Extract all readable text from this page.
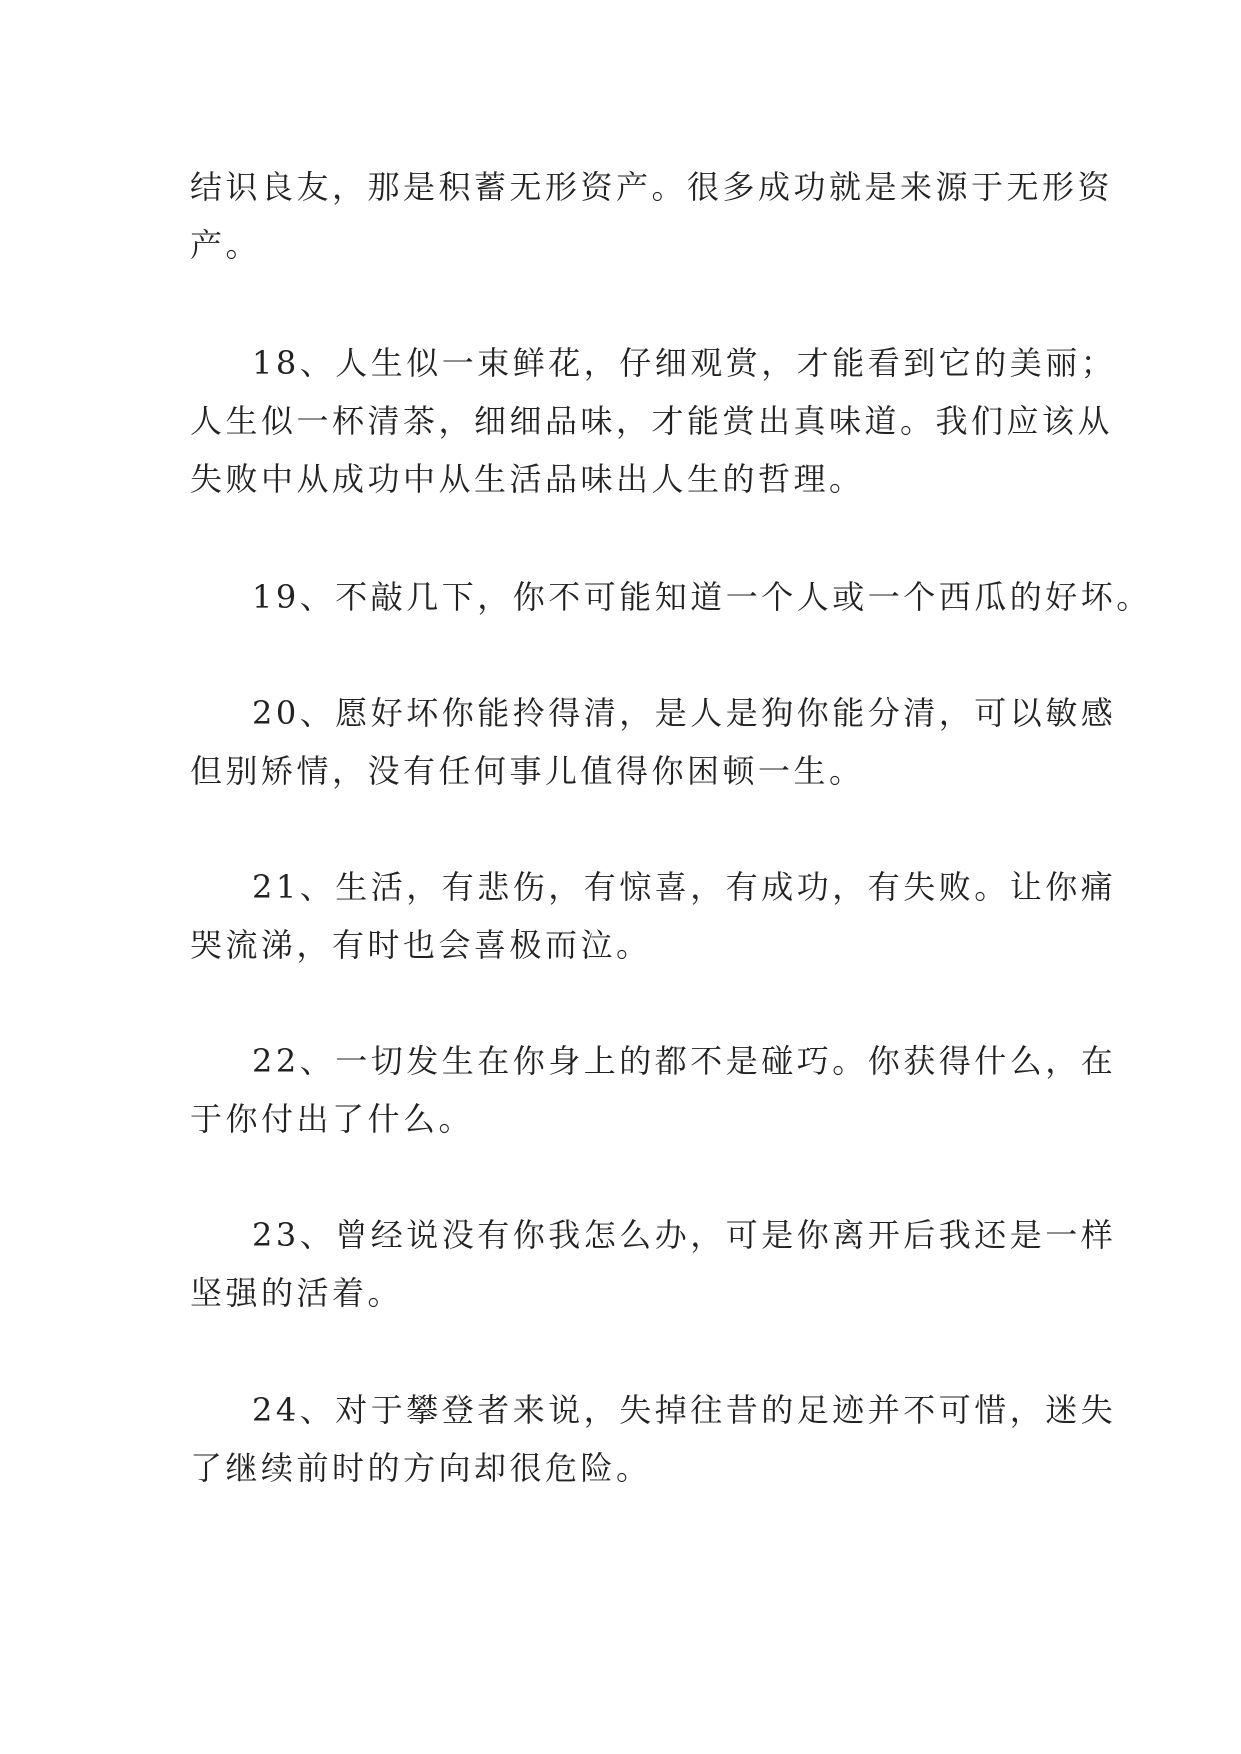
结识良友，那是积蓄无形资产。很多成功就是来源于无形资
产。
18、人生似一束鲜花，仔细观赏，才能看到它的美丽；
人生似一杯清茶，细细品味，才能赏出真味道。我们应该从
失败中从成功中从生活品味出人生的哲理。
19、不敲几下，你不可能知道一个人或一个西瓜的好坏。
20、愿好坏你能拎得清，是人是狗你能分清，可以敏感
但别矫情，没有任何事儿值得你困顿一生。
21、生活，有悲伤，有惊喜，有成功，有失败。让你痛
哭流涕，有时也会喜极而泣。
22、一切发生在你身上的都不是碰巧。你获得什么，在
于你付出了什么。
23、曾经说没有你我怎么办，可是你离开后我还是一样
坚强的活着。
24、对于攀登者来说，失掉往昔的足迹并不可惜，迷失
了继续前时的方向却很危险。
